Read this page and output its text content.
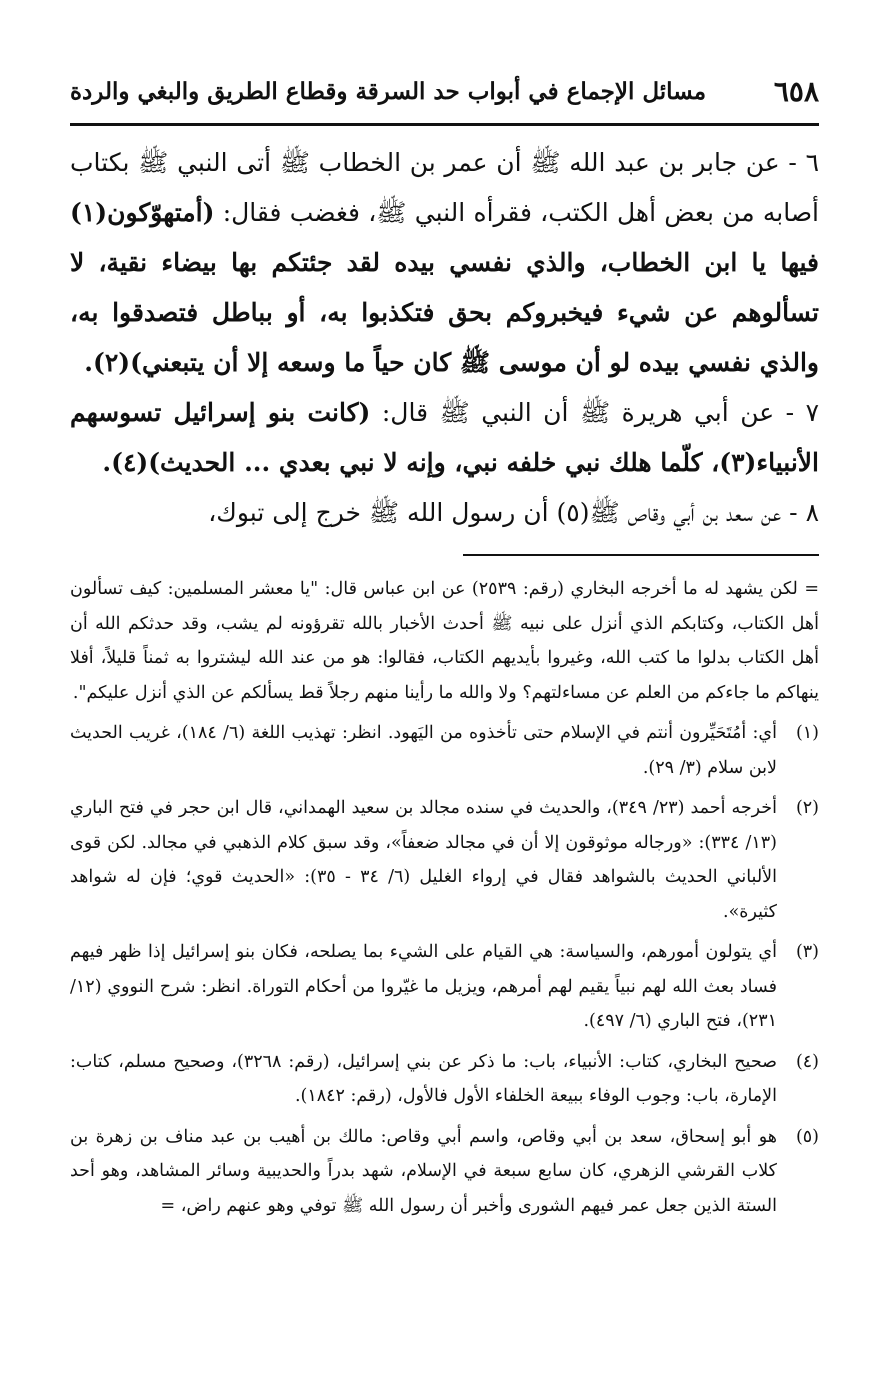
٦٥٨
مسائل الإجماع في أبواب حد السرقة وقطاع الطريق والبغي والردة

٦ - عن جابر بن عبد الله ﷺ أن عمر بن الخطاب ﷺ أتى النبي ﷺ بكتاب أصابه من بعض أهل الكتب، فقرأه النبي ﷺ، فغضب فقال: (أمتهوّكون(١) فيها يا ابن الخطاب، والذي نفسي بيده لقد جئتكم بها بيضاء نقية، لا تسألوهم عن شيء فيخبروكم بحق فتكذبوا به، أو بباطل فتصدقوا به، والذي نفسي بيده لو أن موسى ﷺ كان حياً ما وسعه إلا أن يتبعني)(٢).

٧ - عن أبي هريرة ﷺ أن النبي ﷺ قال: (كانت بنو إسرائيل تسوسهم الأنبياء(٣)، كلّما هلك نبي خلفه نبي، وإنه لا نبي بعدي ... الحديث)(٤).

٨ - عن سعد بن أبي وقاص ﷺ(٥) أن رسول الله ﷺ خرج إلى تبوك،

= لكن يشهد له ما أخرجه البخاري (رقم: ٢٥٣٩) عن ابن عباس قال: "يا معشر المسلمين: كيف تسألون أهل الكتاب، وكتابكم الذي أنزل على نبيه ﷺ أحدث الأخبار بالله تقرؤونه لم يشب، وقد حدثكم الله أن أهل الكتاب بدلوا ما كتب الله، وغيروا بأيديهم الكتاب، فقالوا: هو من عند الله ليشتروا به ثمناً قليلاً، أفلا ينهاكم ما جاءكم من العلم عن مساءلتهم؟ ولا والله ما رأينا منهم رجلاً قط يسألكم عن الذي أنزل عليكم".
(١)
أي: أمُتَحَيِّرون أنتم في الإسلام حتى تأخذوه من اليَهود. انظر: تهذيب اللغة (٦/ ١٨٤)، غريب الحديث لابن سلام (٣/ ٢٩).
(٢)
أخرجه أحمد (٢٣/ ٣٤٩)، والحديث في سنده مجالد بن سعيد الهمداني، قال ابن حجر في فتح الباري (١٣/ ٣٣٤): «ورجاله موثوقون إلا أن في مجالد ضعفاً»، وقد سبق كلام الذهبي في مجالد. لكن قوى الألباني الحديث بالشواهد فقال في إرواء الغليل (٦/ ٣٤ - ٣٥): «الحديث قوي؛ فإن له شواهد كثيرة».
(٣)
أي يتولون أمورهم، والسياسة: هي القيام على الشيء بما يصلحه، فكان بنو إسرائيل إذا ظهر فيهم فساد بعث الله لهم نبياً يقيم لهم أمرهم، ويزيل ما غيّروا من أحكام التوراة. انظر: شرح النووي (١٢/ ٢٣١)، فتح الباري (٦/ ٤٩٧).
(٤)
صحيح البخاري، كتاب: الأنبياء، باب: ما ذكر عن بني إسرائيل، (رقم: ٣٢٦٨)، وصحيح مسلم، كتاب: الإمارة، باب: وجوب الوفاء ببيعة الخلفاء الأول فالأول، (رقم: ١٨٤٢).
(٥)
هو أبو إسحاق، سعد بن أبي وقاص، واسم أبي وقاص: مالك بن أهيب بن عبد مناف بن زهرة بن كلاب القرشي الزهري، كان سابع سبعة في الإسلام، شهد بدراً والحديبية وسائر المشاهد، وهو أحد الستة الذين جعل عمر فيهم الشورى وأخبر أن رسول الله ﷺ توفي وهو عنهم راض، =
